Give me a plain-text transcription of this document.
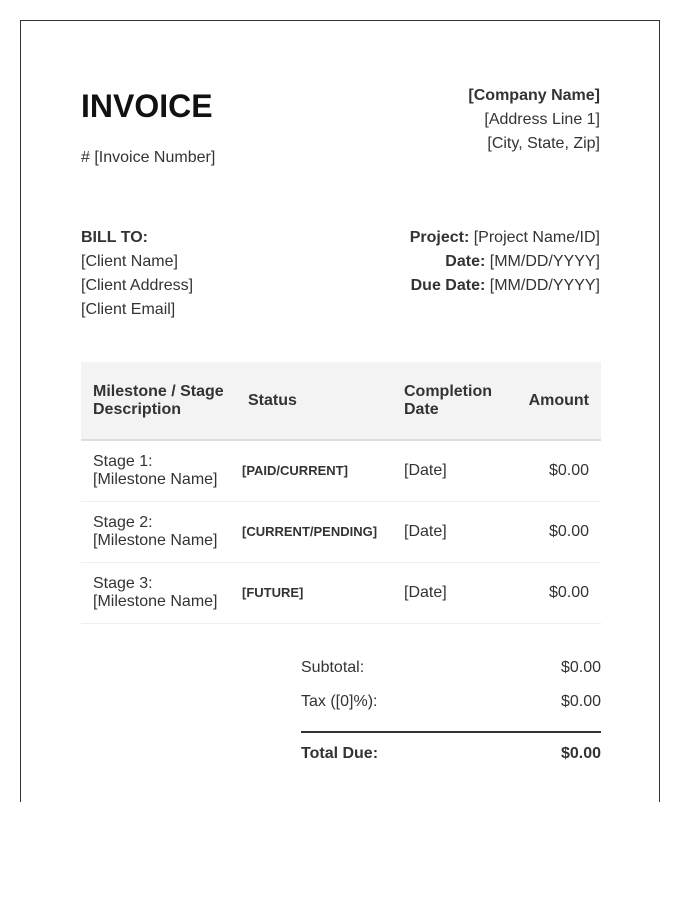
INVOICE
# [Invoice Number]
[Company Name]
[Address Line 1]
[City, State, Zip]
BILL TO:
[Client Name]
[Client Address]
[Client Email]
Project: [Project Name/ID]
Date: [MM/DD/YYYY]
Due Date: [MM/DD/YYYY]
Milestone / Stage Description	Status	Completion Date	Amount

Stage 1:
[Milestone Name]	[PAID/CURRENT]	[Date]	$0.00

Stage 2:
[Milestone Name]	[CURRENT/PENDING]	[Date]	$0.00

Stage 3:
[Milestone Name]	[FUTURE]	[Date]	$0.00
Subtotal:	$0.00
Tax ([0]%):	$0.00
Total Due:	$0.00
